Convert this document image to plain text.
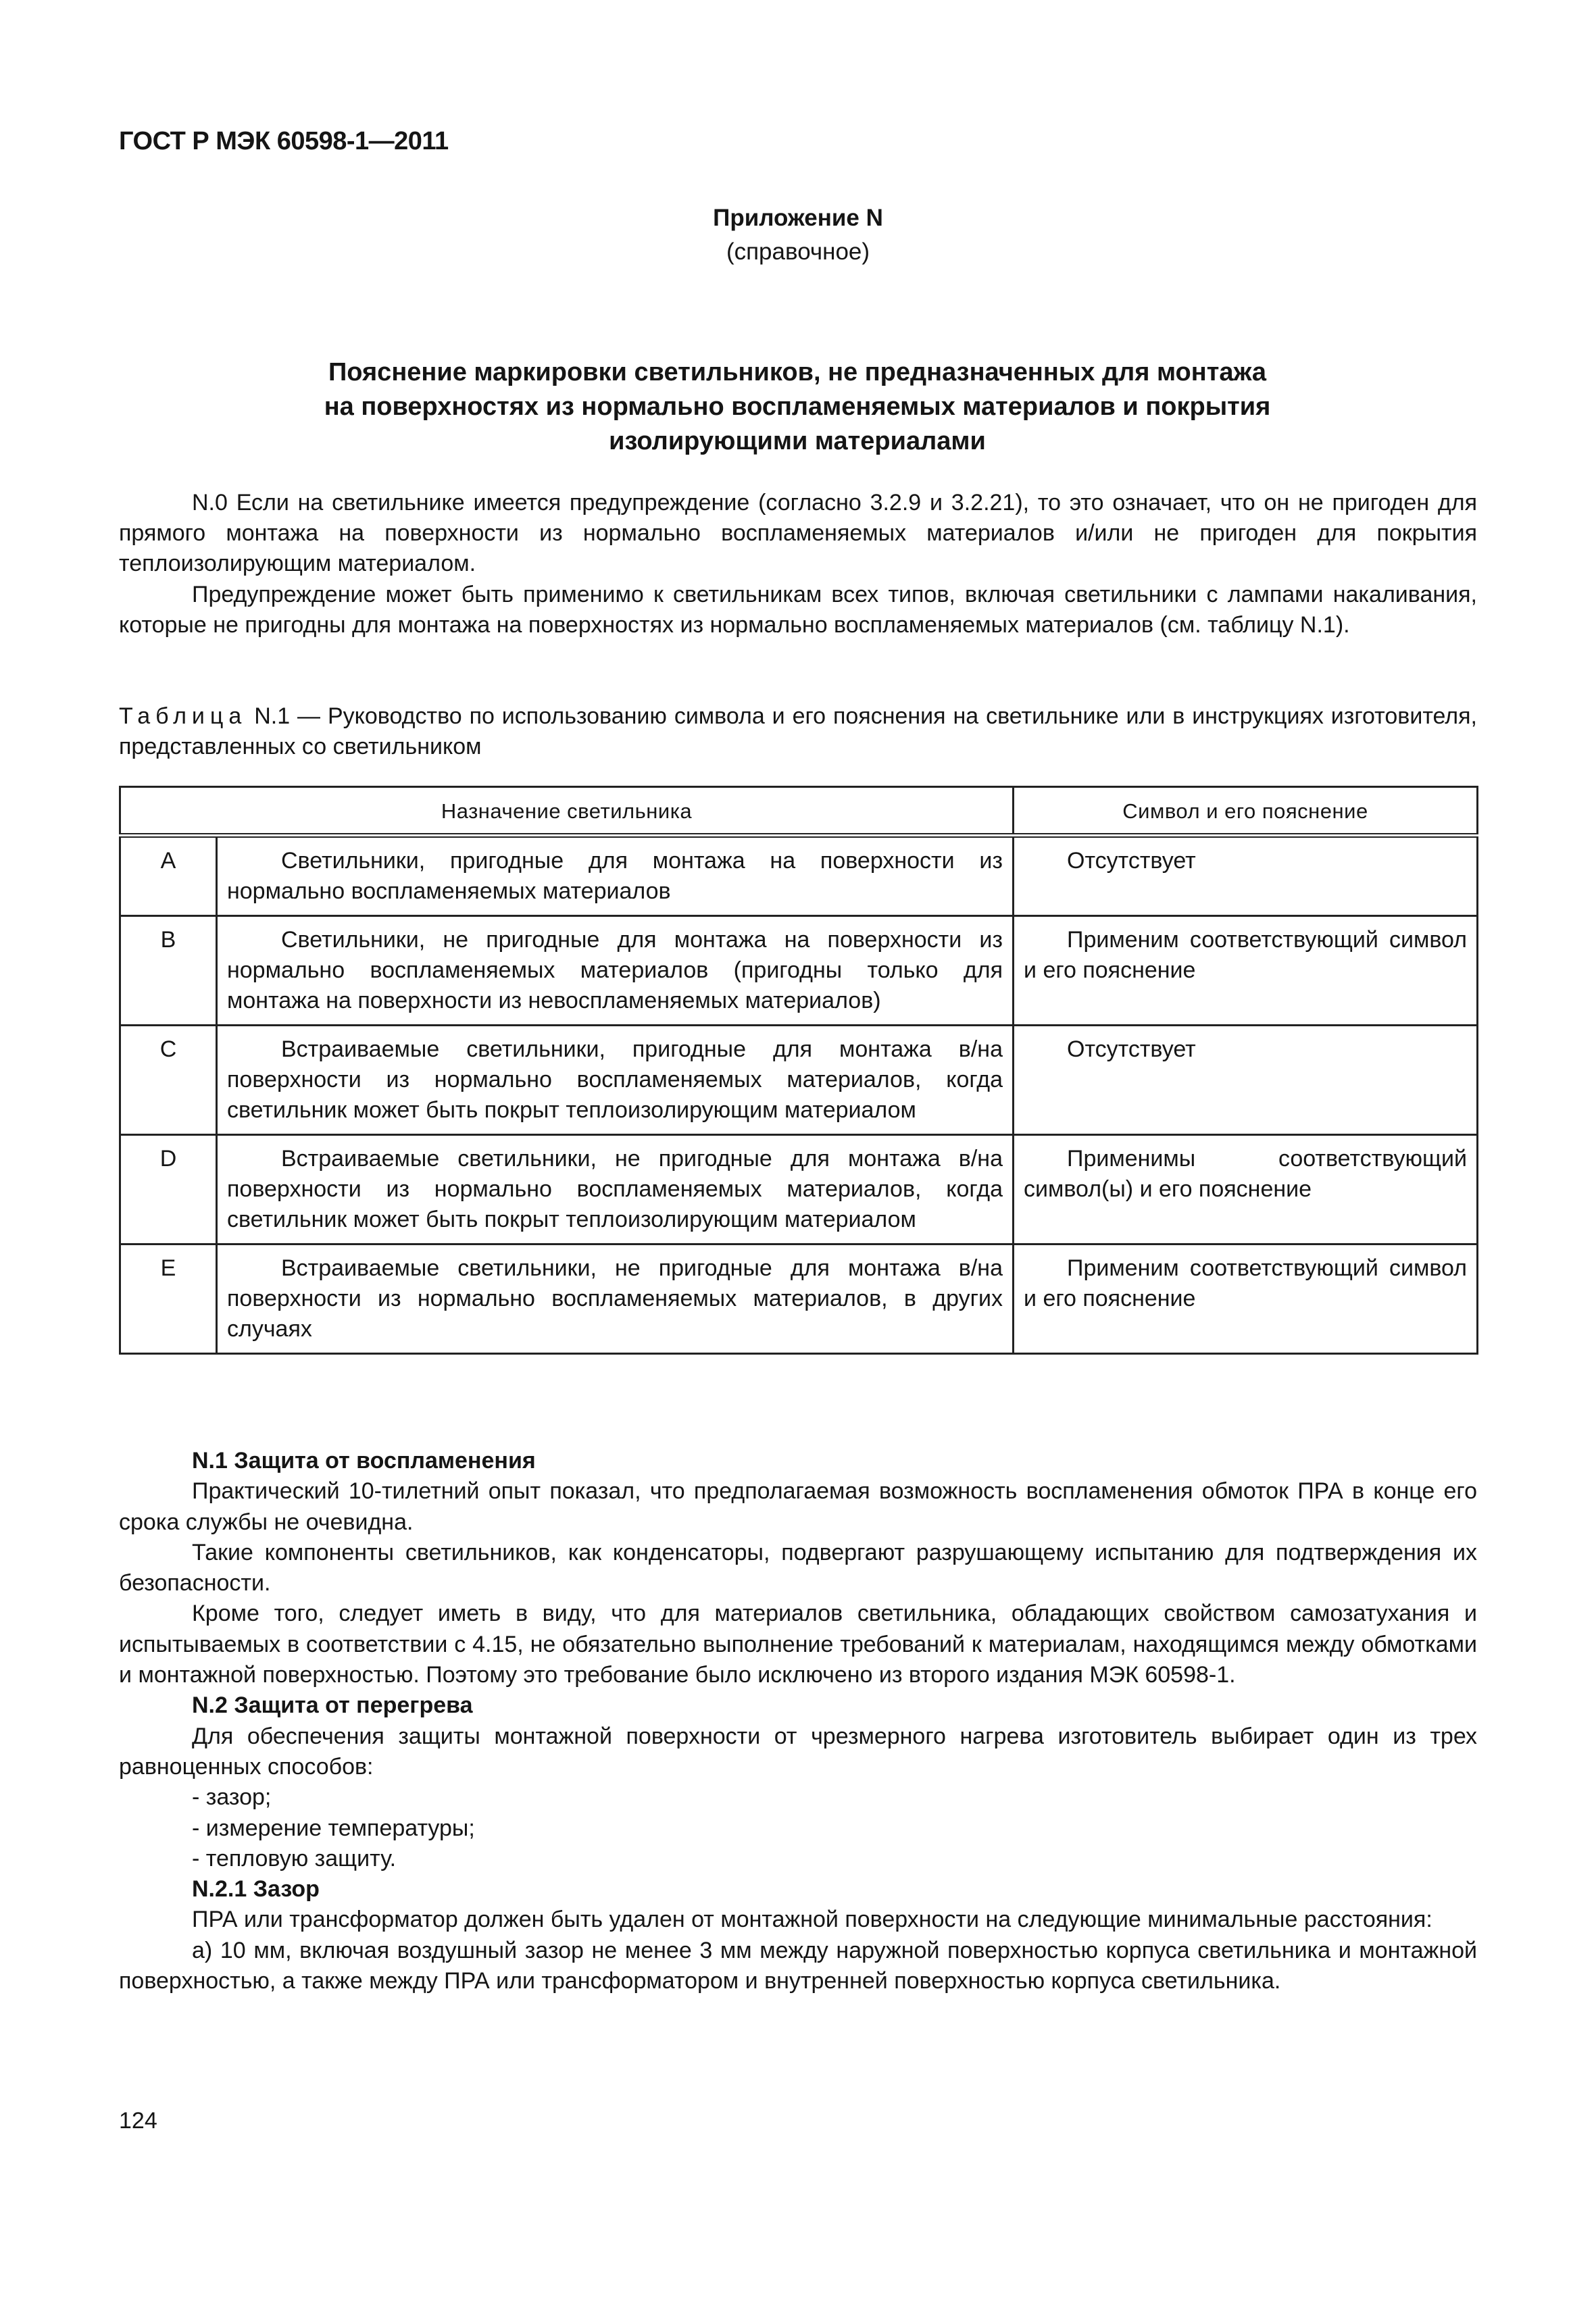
ГОСТ Р МЭК 60598-1—2011
Приложение N
(справочное)
Пояснение маркировки светильников, не предназначенных для монтажа
на поверхностях из нормально воспламеняемых материалов и покрытия
изолирующими материалами

N.0 Если на светильнике имеется предупреждение (согласно 3.2.9 и 3.2.21), то это означает, что он не пригоден для прямого монтажа на поверхности из нормально воспламеняемых материалов и/или не пригоден для покрытия теплоизолирующим материалом.

Предупреждение может быть применимо к светильникам всех типов, включая светильники с лампами накаливания, которые не пригодны для монтажа на поверхностях из нормально воспламеняемых материалов (см. таблицу N.1).

Таблица N.1 — Руководство по использованию символа и его пояснения на светильнике или в инструкциях изготовителя, представленных со светильником
Назначение светильника		Символ и его пояснение
A	Светильники, пригодные для монтажа на поверхности из нормально воспламеняемых материалов	Отсутствует

B	Светильники, не пригодные для монтажа на поверхности из нормально воспламеняемых материалов (пригодны только для монтажа на поверхности из невоспламеняемых материалов)	Применим соответствующий символ и его пояснение

C	Встраиваемые светильники, пригодные для монтажа в/на поверхности из нормально воспламеняемых материалов, когда светильник может быть покрыт теплоизолирующим материалом	Отсутствует

D	Встраиваемые светильники, не пригодные для монтажа в/на поверхности из нормально воспламеняемых материалов, когда светильник может быть покрыт теплоизолирующим материалом	Применимы соответствующий символ(ы) и его пояснение

E	Встраиваемые светильники, не пригодные для монтажа в/на поверхности из нормально воспламеняемых материалов, в других случаях	Применим соответствующий символ и его пояснение

N.1 Защита от воспламенения

Практический 10-тилетний опыт показал, что предполагаемая возможность воспламенения обмоток ПРА в конце его срока службы не очевидна.

Такие компоненты светильников, как конденсаторы, подвергают разрушающему испытанию для подтверждения их безопасности.

Кроме того, следует иметь в виду, что для материалов светильника, обладающих свойством самозатухания и испытываемых в соответствии с 4.15, не обязательно выполнение требований к материалам, находящимся между обмотками и монтажной поверхностью. Поэтому это требование было исключено из второго издания МЭК 60598-1.

N.2 Защита от перегрева

Для обеспечения защиты монтажной поверхности от чрезмерного нагрева изготовитель выбирает один из трех равноценных способов:

- зазор;

- измерение температуры;

- тепловую защиту.

N.2.1 Зазор

ПРА или трансформатор должен быть удален от монтажной поверхности на следующие минимальные расстояния:

а) 10 мм, включая воздушный зазор не менее 3 мм между наружной поверхностью корпуса светильника и монтажной поверхностью, а также между ПРА или трансформатором и внутренней поверхностью корпуса светильника.

124
